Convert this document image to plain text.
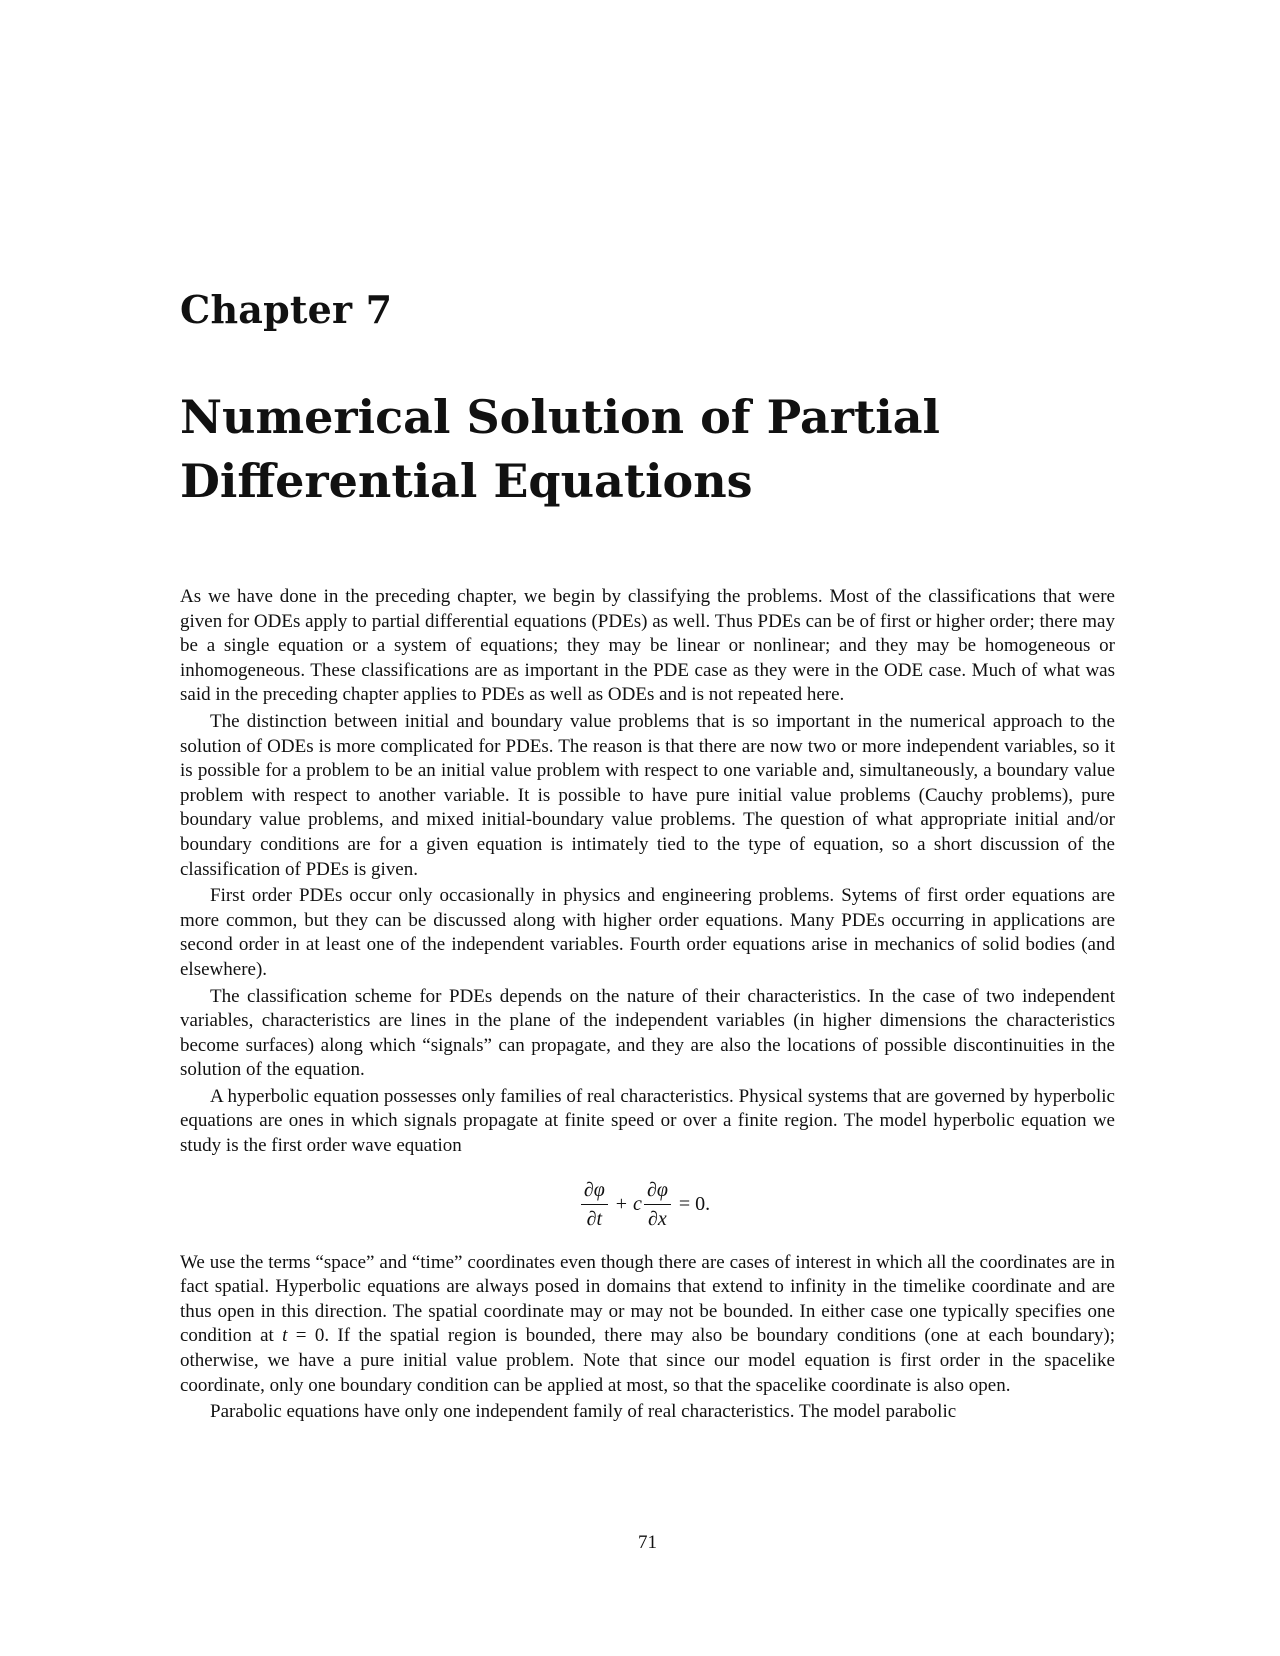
Chapter 7
Numerical Solution of Partial
Differential Equations

As we have done in the preceding chapter, we begin by classifying the problems. Most of the classifications that were given for ODEs apply to partial differential equations (PDEs) as well. Thus PDEs can be of first or higher order; there may be a single equation or a system of equations; they may be linear or nonlinear; and they may be homogeneous or inhomogeneous. These classifications are as important in the PDE case as they were in the ODE case. Much of what was said in the preceding chapter applies to PDEs as well as ODEs and is not repeated here.

The distinction between initial and boundary value problems that is so important in the numerical approach to the solution of ODEs is more complicated for PDEs. The reason is that there are now two or more independent variables, so it is possible for a problem to be an initial value problem with respect to one variable and, simultaneously, a boundary value problem with respect to another variable. It is possible to have pure initial value problems (Cauchy problems), pure boundary value problems, and mixed initial-boundary value problems. The question of what appropriate initial and/or boundary conditions are for a given equation is intimately tied to the type of equation, so a short discussion of the classification of PDEs is given.

First order PDEs occur only occasionally in physics and engineering problems. Sytems of first order equations are more common, but they can be discussed along with higher order equations. Many PDEs occurring in applications are second order in at least one of the independent variables. Fourth order equations arise in mechanics of solid bodies (and elsewhere).

The classification scheme for PDEs depends on the nature of their characteristics. In the case of two independent variables, characteristics are lines in the plane of the independent variables (in higher dimensions the characteristics become surfaces) along which “signals” can propagate, and they are also the locations of possible discontinuities in the solution of the equation.

A hyperbolic equation possesses only families of real characteristics. Physical systems that are governed by hyperbolic equations are ones in which signals propagate at finite speed or over a finite region. The model hyperbolic equation we study is the first order wave equation

$\frac{\partial\varphi}{\partial t} + c \frac{\partial\varphi}{\partial x} = 0$.

We use the terms “space” and “time” coordinates even though there are cases of interest in which all the coordinates are in fact spatial. Hyperbolic equations are always posed in domains that extend to infinity in the timelike coordinate and are thus open in this direction. The spatial coordinate may or may not be bounded. In either case one typically specifies one condition at t = 0. If the spatial region is bounded, there may also be boundary conditions (one at each boundary); otherwise, we have a pure initial value problem. Note that since our model equation is first order in the spacelike coordinate, only one boundary condition can be applied at most, so that the spacelike coordinate is also open.

Parabolic equations have only one independent family of real characteristics. The model parabolic

71
